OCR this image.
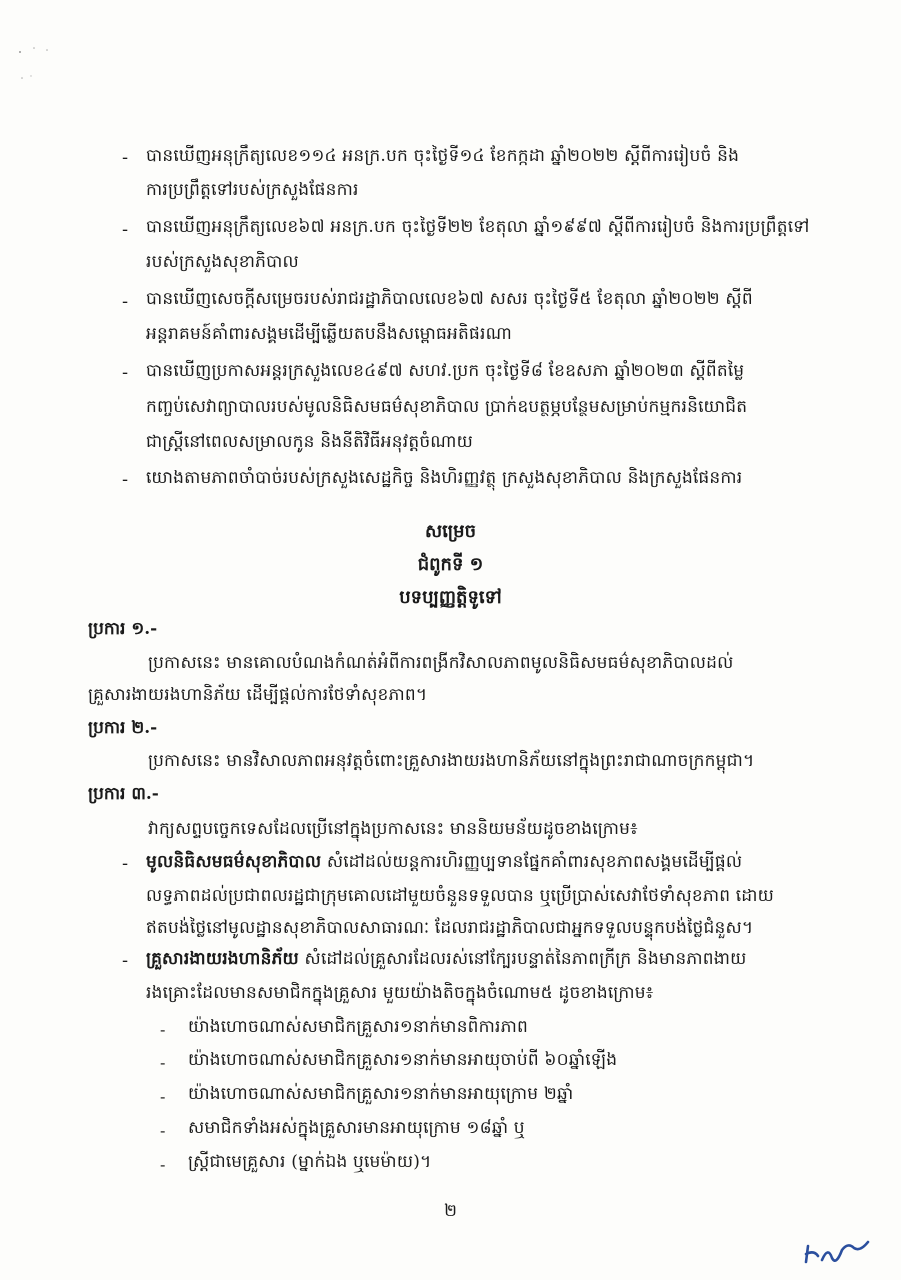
- បានឃើញអនុក្រឹត្យលេខ១១៤ អនក្រ.បក ចុះថ្ងៃទី១៤ ខែកក្កដា ឆ្នាំ២០២២ ស្តីពីការរៀបចំ និង
ការប្រព្រឹត្តទៅរបស់ក្រសួងផែនការ
- បានឃើញអនុក្រឹត្យលេខ៦៧ អនក្រ.បក ចុះថ្ងៃទី២២ ខែតុលា ឆ្នាំ១៩៩៧ ស្តីពីការរៀបចំ និងការប្រព្រឹត្តទៅ
របស់ក្រសួងសុខាភិបាល
- បានឃើញសេចក្តីសម្រេចរបស់រាជរដ្ឋាភិបាលលេខ៦៧ សសរ ចុះថ្ងៃទី៥ ខែតុលា ឆ្នាំ២០២២ ស្តីពី
អន្តរាគមន៍គាំពារសង្គមដើម្បីឆ្លើយតបនឹងសម្ពោធអតិផរណា
- បានឃើញប្រកាសអន្តរក្រសួងលេខ៤៩៧ សហវ.ប្រក ចុះថ្ងៃទី៨ ខែឧសភា ឆ្នាំ២០២៣ ស្តីពីតម្លៃ
កញ្ចប់សេវាព្យាបាលរបស់មូលនិធិសមធម៌សុខាភិបាល ប្រាក់ឧបត្ថម្ភបន្ថែមសម្រាប់កម្មករនិយោជិត
ជាស្ត្រីនៅពេលសម្រាលកូន និងនីតិវិធីអនុវត្តចំណាយ
- យោងតាមភាពចាំបាច់របស់ក្រសួងសេដ្ឋកិច្ច និងហិរញ្ញវត្ថុ ក្រសួងសុខាភិបាល និងក្រសួងផែនការ
សម្រេច
ជំពូកទី ១
បទប្បញ្ញត្តិទូទៅ
ប្រការ ១.-
ប្រកាសនេះ មានគោលបំណងកំណត់អំពីការពង្រីកវិសាលភាពមូលនិធិសមធម៌សុខាភិបាលដល់
គ្រួសារងាយរងហានិភ័យ ដើម្បីផ្តល់ការថែទាំសុខភាព។
ប្រការ ២.-
ប្រកាសនេះ មានវិសាលភាពអនុវត្តចំពោះគ្រួសារងាយរងហានិភ័យនៅក្នុងព្រះរាជាណាចក្រកម្ពុជា។
ប្រការ ៣.-
វាក្យសព្ទបច្ចេកទេសដែលប្រើនៅក្នុងប្រកាសនេះ មាននិយមន័យដូចខាងក្រោម៖
- មូលនិធិសមធម៌សុខាភិបាល សំដៅដល់យន្តការហិរញ្ញប្បទានផ្នែកគាំពារសុខភាពសង្គមដើម្បីផ្តល់
លទ្ធភាពដល់ប្រជាពលរដ្ឋជាក្រុមគោលដៅមួយចំនួនទទួលបាន ឬប្រើប្រាស់សេវាថែទាំសុខភាព ដោយ
ឥតបង់ថ្លៃនៅមូលដ្ឋានសុខាភិបាលសាធារណៈ ដែលរាជរដ្ឋាភិបាលជាអ្នកទទួលបន្ទុកបង់ថ្លៃជំនួស។
- គ្រួសារងាយរងហានិភ័យ សំដៅដល់គ្រួសារដែលរស់នៅក្បែរបន្ទាត់នៃភាពក្រីក្រ និងមានភាពងាយ
រងគ្រោះដែលមានសមាជិកក្នុងគ្រួសារ មួយយ៉ាងតិចក្នុងចំណោម៥ ដូចខាងក្រោម៖
- យ៉ាងហោចណាស់សមាជិកគ្រួសារ១នាក់មានពិការភាព
- យ៉ាងហោចណាស់សមាជិកគ្រួសារ១នាក់មានអាយុចាប់ពី ៦០ឆ្នាំឡើង
- យ៉ាងហោចណាស់សមាជិកគ្រួសារ១នាក់មានអាយុក្រោម ២ឆ្នាំ
- សមាជិកទាំងអស់ក្នុងគ្រួសារមានអាយុក្រោម ១៨ឆ្នាំ ឬ
- ស្ត្រីជាមេគ្រួសារ (ម្នាក់ឯង ឬមេម៉ាយ)។
២
